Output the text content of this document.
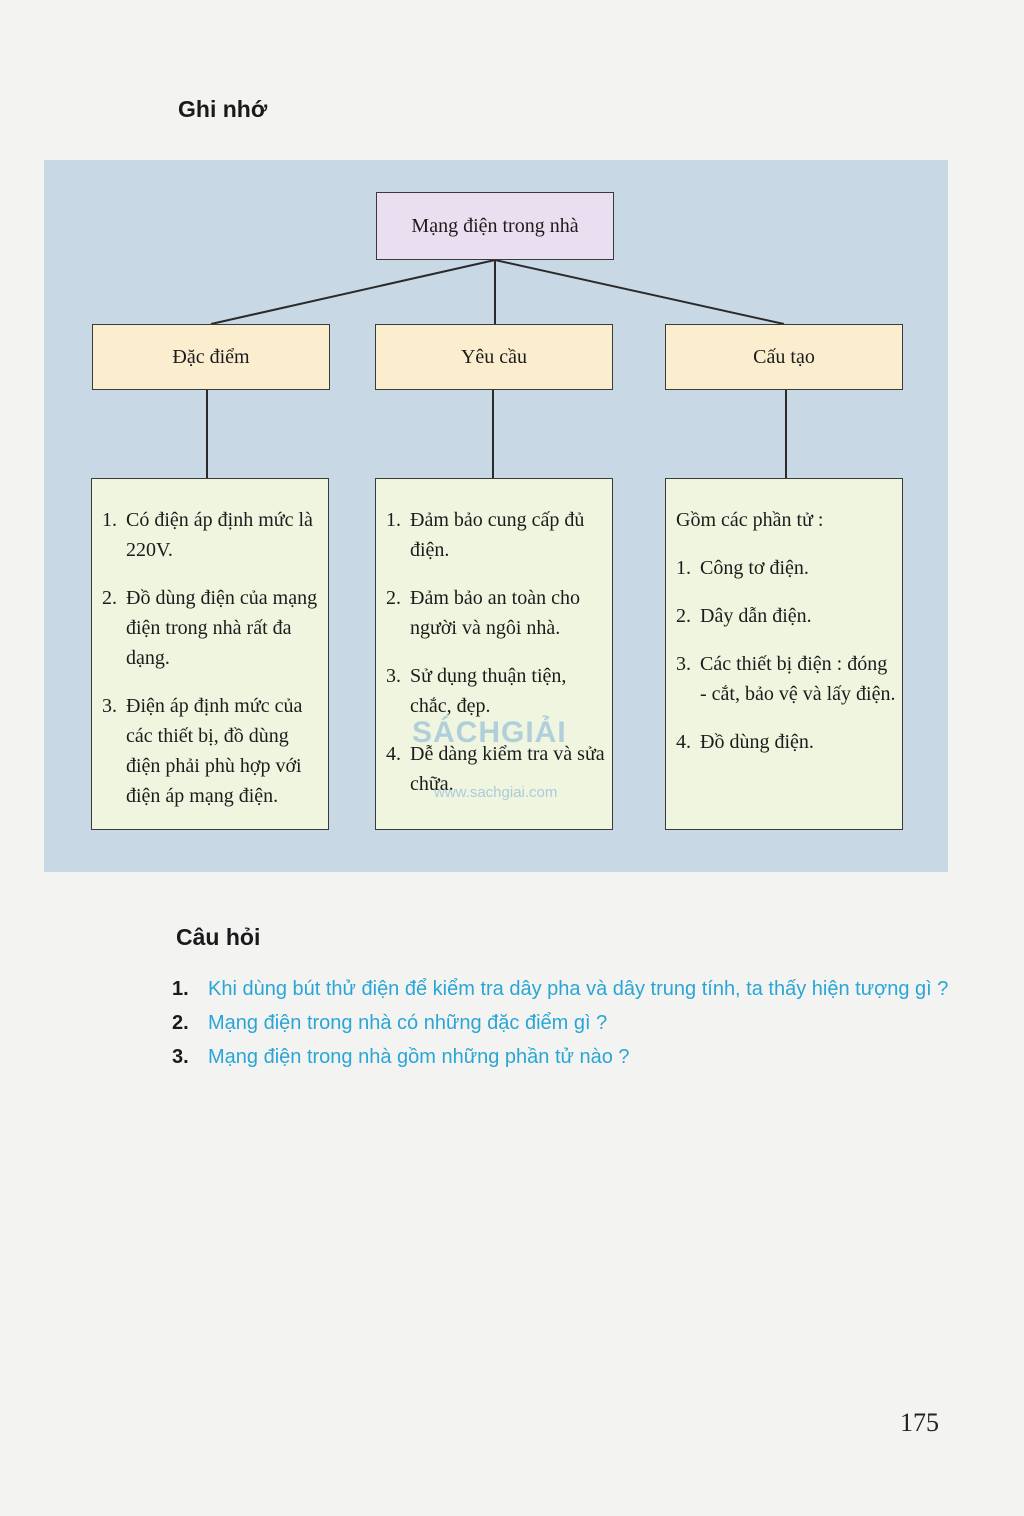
Ghi nhớ
Mạng điện trong nhà
Đặc điểm	Yêu cầu	Cấu tạo
1. Có điện áp định mức là 220V.
2. Đồ dùng điện của mạng điện trong nhà rất đa dạng.
3. Điện áp định mức của các thiết bị, đồ dùng điện phải phù hợp với điện áp mạng điện.
1. Đảm bảo cung cấp đủ điện.
2. Đảm bảo an toàn cho người và ngôi nhà.
3. Sử dụng thuận tiện, chắc, đẹp.
4. Dễ dàng kiểm tra và sửa chữa.
Gồm các phần tử :
1. Công tơ điện.
2. Dây dẫn điện.
3. Các thiết bị điện : đóng - cắt, bảo vệ và lấy điện.
4. Đồ dùng điện.
SÁCHGIẢI
www.sachgiai.com
Câu hỏi
1. Khi dùng bút thử điện để kiểm tra dây pha và dây trung tính, ta thấy hiện tượng gì ?
2. Mạng điện trong nhà có những đặc điểm gì ?
3. Mạng điện trong nhà gồm những phần tử nào ?
175
